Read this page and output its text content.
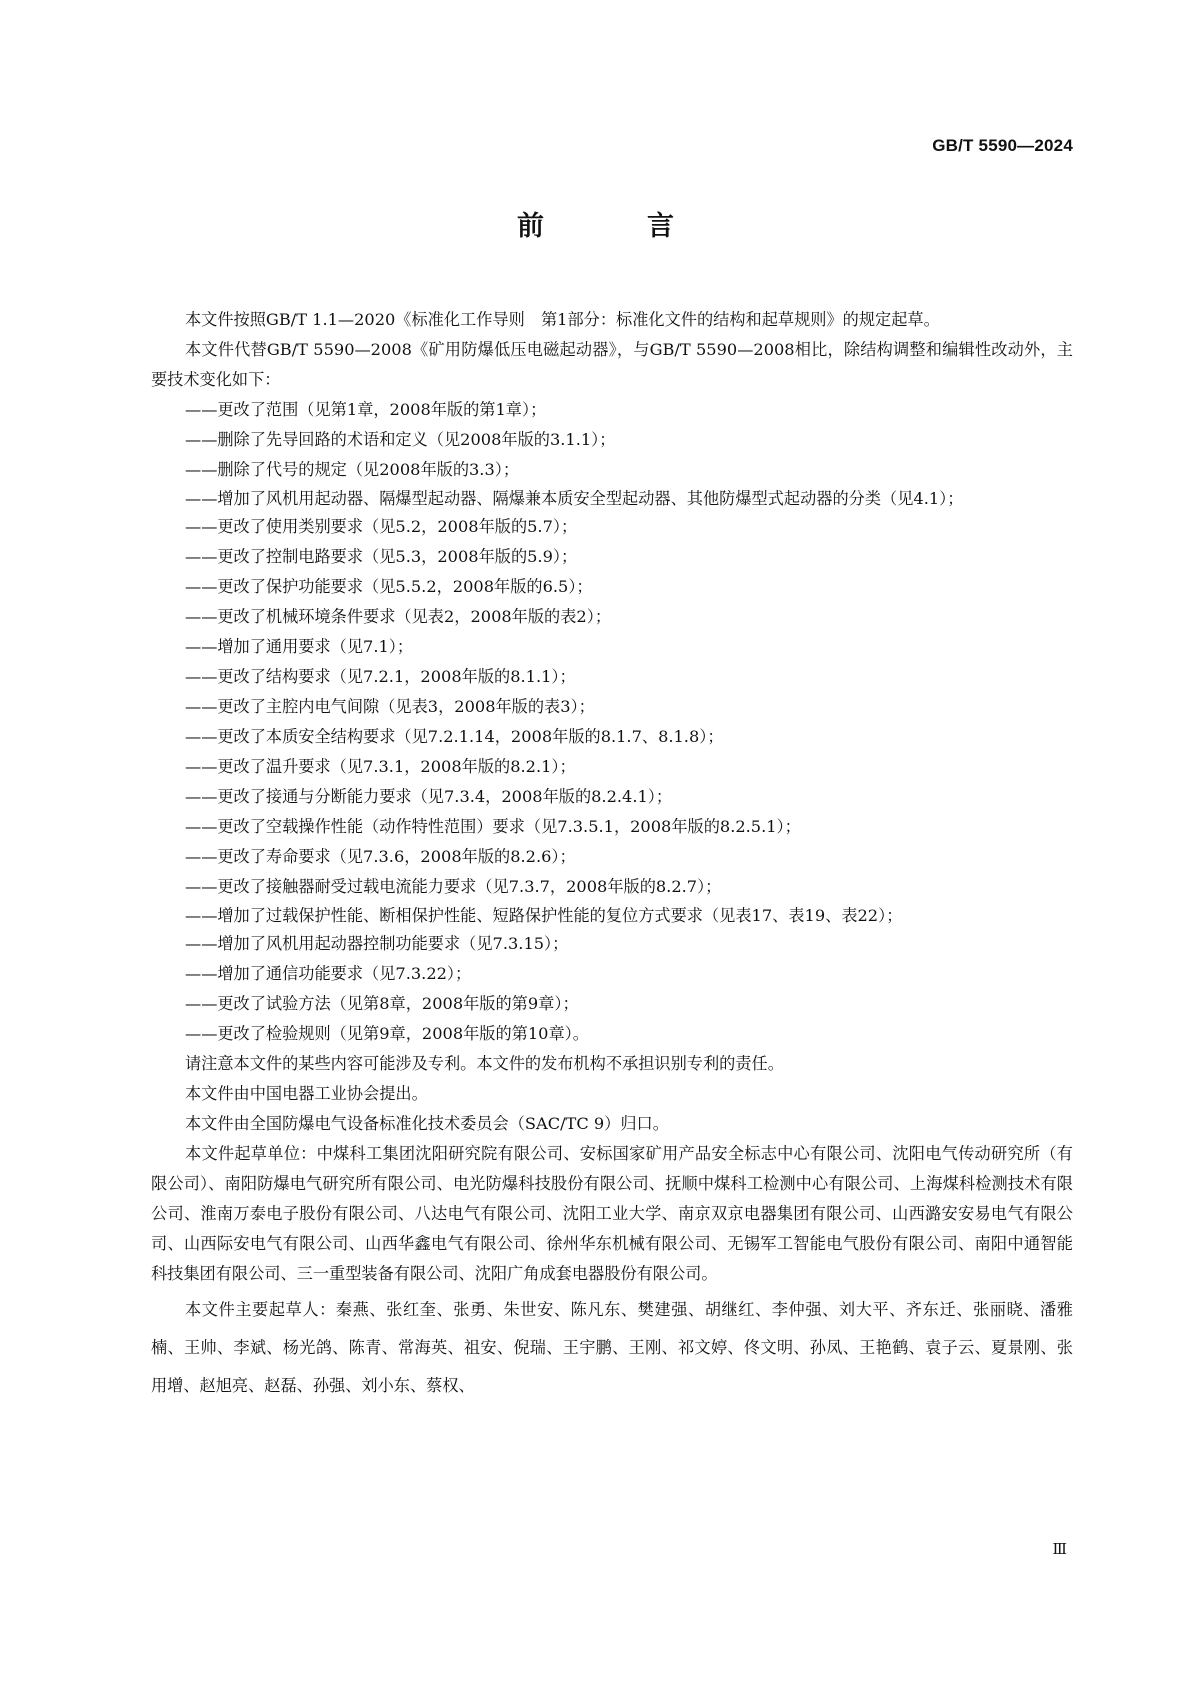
GB/T 5590—2024
前　言

本文件按照GB/T 1.1—2020《标准化工作导则　第1部分：标准化文件的结构和起草规则》的规定起草。

本文件代替GB/T 5590—2008《矿用防爆低压电磁起动器》，与GB/T 5590—2008相比，除结构调整和编辑性改动外，主要技术变化如下：

——更改了范围（见第1章，2008年版的第1章）；
——删除了先导回路的术语和定义（见2008年版的3.1.1）；
——删除了代号的规定（见2008年版的3.3）；
——增加了风机用起动器、隔爆型起动器、隔爆兼本质安全型起动器、其他防爆型式起动器的分类（见4.1）；
——更改了使用类别要求（见5.2，2008年版的5.7）；
——更改了控制电路要求（见5.3，2008年版的5.9）；
——更改了保护功能要求（见5.5.2，2008年版的6.5）；
——更改了机械环境条件要求（见表2，2008年版的表2）；
——增加了通用要求（见7.1）；
——更改了结构要求（见7.2.1，2008年版的8.1.1）；
——更改了主腔内电气间隙（见表3，2008年版的表3）；
——更改了本质安全结构要求（见7.2.1.14，2008年版的8.1.7、8.1.8）；
——更改了温升要求（见7.3.1，2008年版的8.2.1）；
——更改了接通与分断能力要求（见7.3.4，2008年版的8.2.4.1）；
——更改了空载操作性能（动作特性范围）要求（见7.3.5.1，2008年版的8.2.5.1）；
——更改了寿命要求（见7.3.6，2008年版的8.2.6）；
——更改了接触器耐受过载电流能力要求（见7.3.7，2008年版的8.2.7）；
——增加了过载保护性能、断相保护性能、短路保护性能的复位方式要求（见表17、表19、表22）；
——增加了风机用起动器控制功能要求（见7.3.15）；
——增加了通信功能要求（见7.3.22）；
——更改了试验方法（见第8章，2008年版的第9章）；
——更改了检验规则（见第9章，2008年版的第10章）。

请注意本文件的某些内容可能涉及专利。本文件的发布机构不承担识别专利的责任。

本文件由中国电器工业协会提出。

本文件由全国防爆电气设备标准化技术委员会（SAC/TC 9）归口。

本文件起草单位：中煤科工集团沈阳研究院有限公司、安标国家矿用产品安全标志中心有限公司、沈阳电气传动研究所（有限公司）、南阳防爆电气研究所有限公司、电光防爆科技股份有限公司、抚顺中煤科工检测中心有限公司、上海煤科检测技术有限公司、淮南万泰电子股份有限公司、八达电气有限公司、沈阳工业大学、南京双京电器集团有限公司、山西潞安安易电气有限公司、山西际安电气有限公司、山西华鑫电气有限公司、徐州华东机械有限公司、无锡军工智能电气股份有限公司、南阳中通智能科技集团有限公司、三一重型装备有限公司、沈阳广角成套电器股份有限公司。

本文件主要起草人：秦燕、张红奎、张勇、朱世安、陈凡东、樊建强、胡继红、李仲强、刘大平、齐东迁、张丽晓、潘雅楠、王帅、李斌、杨光鸽、陈青、常海英、祖安、倪瑞、王宇鹏、王刚、祁文婷、佟文明、孙凤、王艳鹤、袁子云、夏景刚、张用增、赵旭亮、赵磊、孙强、刘小东、蔡权、

Ⅲ
